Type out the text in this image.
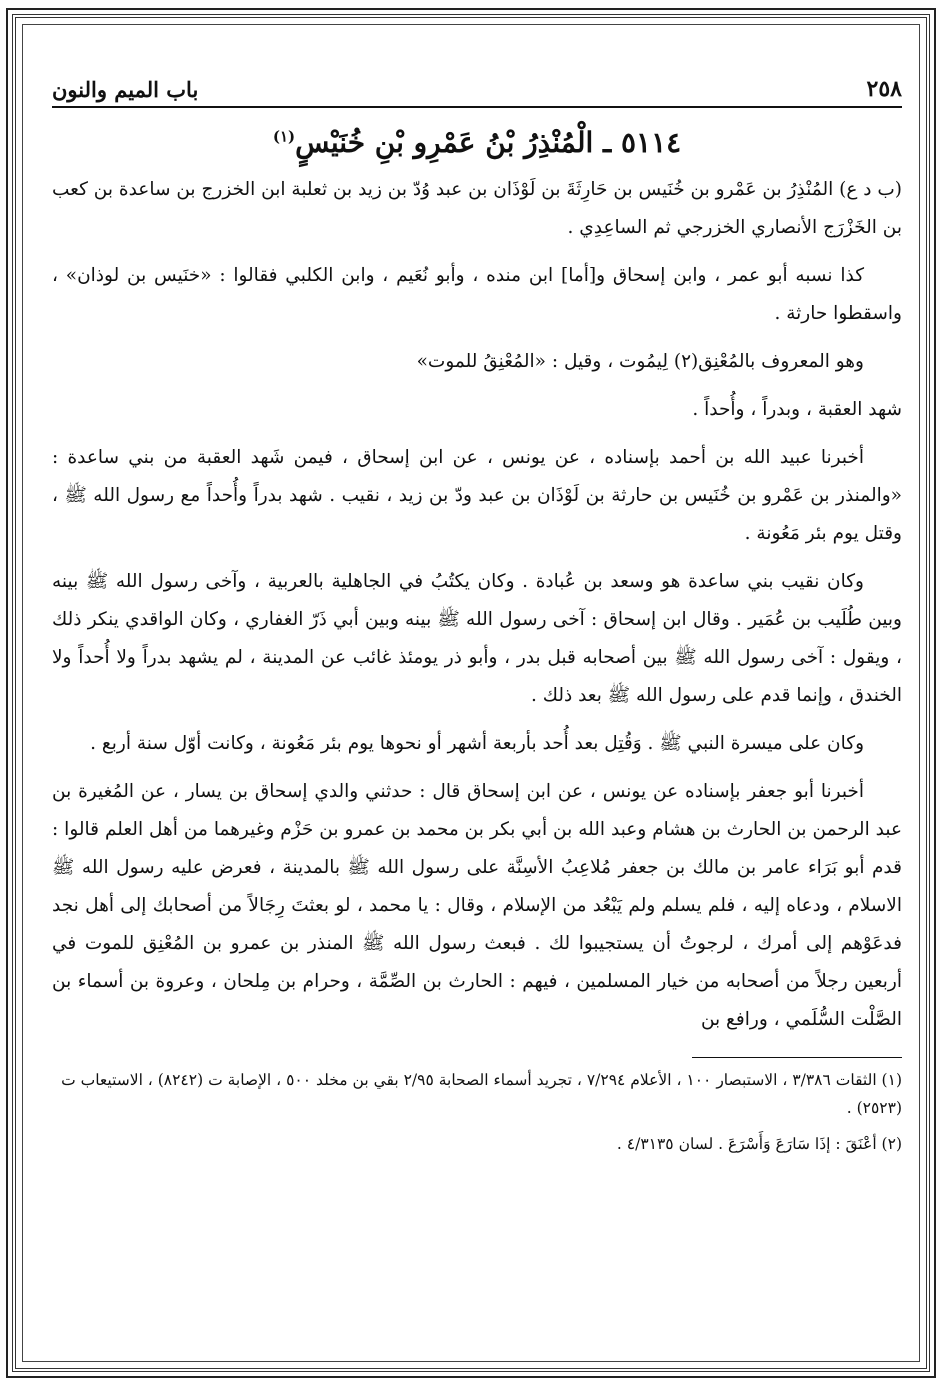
٢٥٨
باب الميم والنون
٥١١٤ ـ الْمُنْذِرُ بْنُ عَمْرِو بْنِ خُنَيْسٍ$^{(١)}$

(ب د ع) المُنْذِرُ بن عَمْرو بن خُنَيس بن حَارِثَةَ بن لَوْذَان بن عبد وُدّ بن زيد بن ثعلبة ابن الخزرج بن ساعدة بن كعب بن الخَزْرَج الأنصاري الخزرجي ثم الساعِدِي .

كذا نسبه أبو عمر ، وابن إسحاق و[أما] ابن منده ، وأبو نُعَيم ، وابن الكلبي فقالوا : «خنَيس بن لوذان» ، واسقطوا حارثة .

وهو المعروف بالمُعْنِق(٢) لِيمُوت ، وقيل : «المُعْنِقُ للموت»

شهد العقبة ، وبدراً ، وأُحداً .

أخبرنا عبيد الله بن أحمد بإسناده ، عن يونس ، عن ابن إسحاق ، فيمن شَهد العقبة من بني ساعدة : «والمنذر بن عَمْرو بن خُنَيس بن حارثة بن لَوْذَان بن عبد ودّ بن زيد ، نقيب . شهد بدراً وأُحداً مع رسول الله ﷺ ، وقتل يوم بئر مَعُونة .

وكان نقيب بني ساعدة هو وسعد بن عُبادة . وكان يكتُبُ في الجاهلية بالعربية ، وآخى رسول الله ﷺ بينه وبين طُلَيب بن عُمَير . وقال ابن إسحاق : آخى رسول الله ﷺ بينه وبين أبي ذَرّ الغفاري ، وكان الواقدي ينكر ذلك ، ويقول : آخى رسول الله ﷺ بين أصحابه قبل بدر ، وأبو ذر يومئذ غائب عن المدينة ، لم يشهد بدراً ولا أُحداً ولا الخندق ، وإنما قدم على رسول الله ﷺ بعد ذلك .

وكان على ميسرة النبي ﷺ . وَقُتِل بعد أُحد بأربعة أشهر أو نحوها يوم بئر مَعُونة ، وكانت أوّل سنة أربع .

أخبرنا أبو جعفر بإسناده عن يونس ، عن ابن إسحاق قال : حدثني والدي إسحاق بن يسار ، عن المُغيرة بن عبد الرحمن بن الحارث بن هشام وعبد الله بن أبي بكر بن محمد بن عمرو بن حَزْم وغيرهما من أهل العلم قالوا : قدم أبو بَرَاء عامر بن مالك بن جعفر مُلاعِبُ الأسِنَّة على رسول الله ﷺ بالمدينة ، فعرض عليه رسول الله ﷺ الاسلام ، ودعاه إليه ، فلم يسلم ولم يَبْعُد من الإسلام ، وقال : يا محمد ، لو بعثتَ رِجَالاً من أصحابك إلى أهل نجد فدعَوْهم إلى أمرك ، لرجوتُ أن يستجيبوا لك . فبعث رسول الله ﷺ المنذر بن عمرو بن المُعْنِق للموت في أربعين رجلاً من أصحابه من خيار المسلمين ، فيهم : الحارث بن الصِّمَّة ، وحرام بن مِلحان ، وعروة بن أسماء بن الصَّلْت السُّلَمي ، ورافع بن

(١) الثقات ٣/٣٨٦ ، الاستبصار ١٠٠ ، الأعلام ٧/٢٩٤ ، تجريد أسماء الصحابة ٢/٩٥ بقي بن مخلد ٥٠٠ ، الإصابة ت (٨٢٤٢) ، الاستيعاب ت (٢٥٢٣) .

(٢) أعْنَقَ : إذَا سَارَعَ وَأَسْرَعَ . لسان ٤/٣١٣٥ .
